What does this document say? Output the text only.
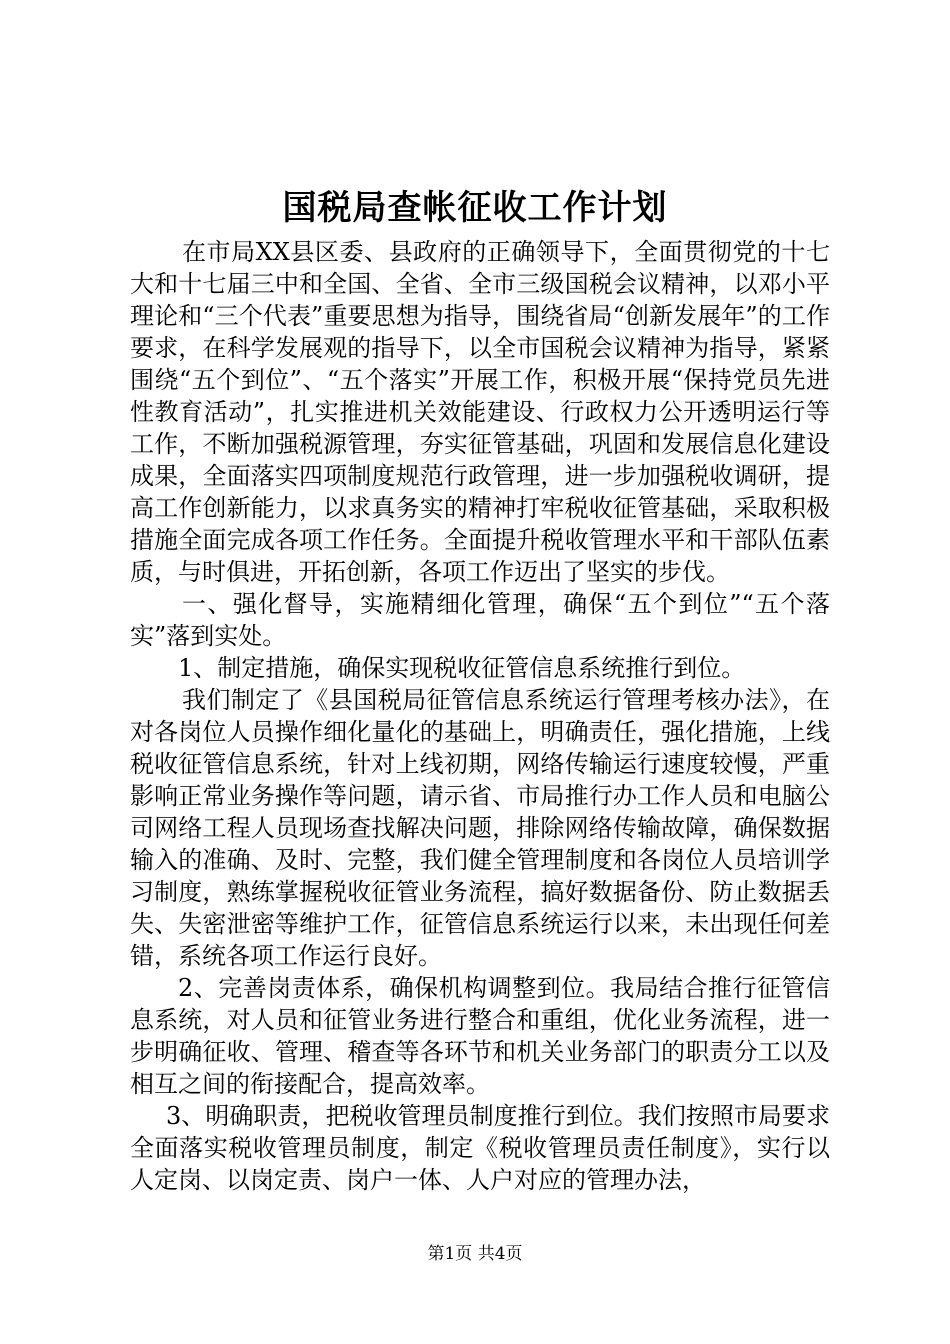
国税局查帐征收工作计划

在市局XX县区委、县政府的正确领导下，全面贯彻党的十七大和十七届三中和全国、全省、全市三级国税会议精神，以邓小平理论和“三个代表”重要思想为指导，围绕省局“创新发展年”的工作要求，在科学发展观的指导下，以全市国税会议精神为指导，紧紧围绕“五个到位”、“五个落实”开展工作，积极开展“保持党员先进性教育活动”，扎实推进机关效能建设、行政权力公开透明运行等工作，不断加强税源管理，夯实征管基础，巩固和发展信息化建设成果，全面落实四项制度规范行政管理，进一步加强税收调研，提高工作创新能力，以求真务实的精神打牢税收征管基础，采取积极措施全面完成各项工作任务。全面提升税收管理水平和干部队伍素质，与时俱进，开拓创新，各项工作迈出了坚实的步伐。

一、强化督导，实施精细化管理，确保“五个到位”“五个落实”落到实处。

1、制定措施，确保实现税收征管信息系统推行到位。

我们制定了《县国税局征管信息系统运行管理考核办法》，在对各岗位人员操作细化量化的基础上，明确责任，强化措施，上线税收征管信息系统，针对上线初期，网络传输运行速度较慢，严重影响正常业务操作等问题，请示省、市局推行办工作人员和电脑公司网络工程人员现场查找解决问题，排除网络传输故障，确保数据输入的准确、及时、完整，我们健全管理制度和各岗位人员培训学习制度，熟练掌握税收征管业务流程，搞好数据备份、防止数据丢失、失密泄密等维护工作，征管信息系统运行以来，未出现任何差错，系统各项工作运行良好。

2、完善岗责体系，确保机构调整到位。我局结合推行征管信息系统，对人员和征管业务进行整合和重组，优化业务流程，进一步明确征收、管理、稽查等各环节和机关业务部门的职责分工以及相互之间的衔接配合，提高效率。

3、明确职责，把税收管理员制度推行到位。我们按照市局要求全面落实税收管理员制度，制定《税收管理员责任制度》，实行以人定岗、以岗定责、岗户一体、人户对应的管理办法，

第1页 共4页
